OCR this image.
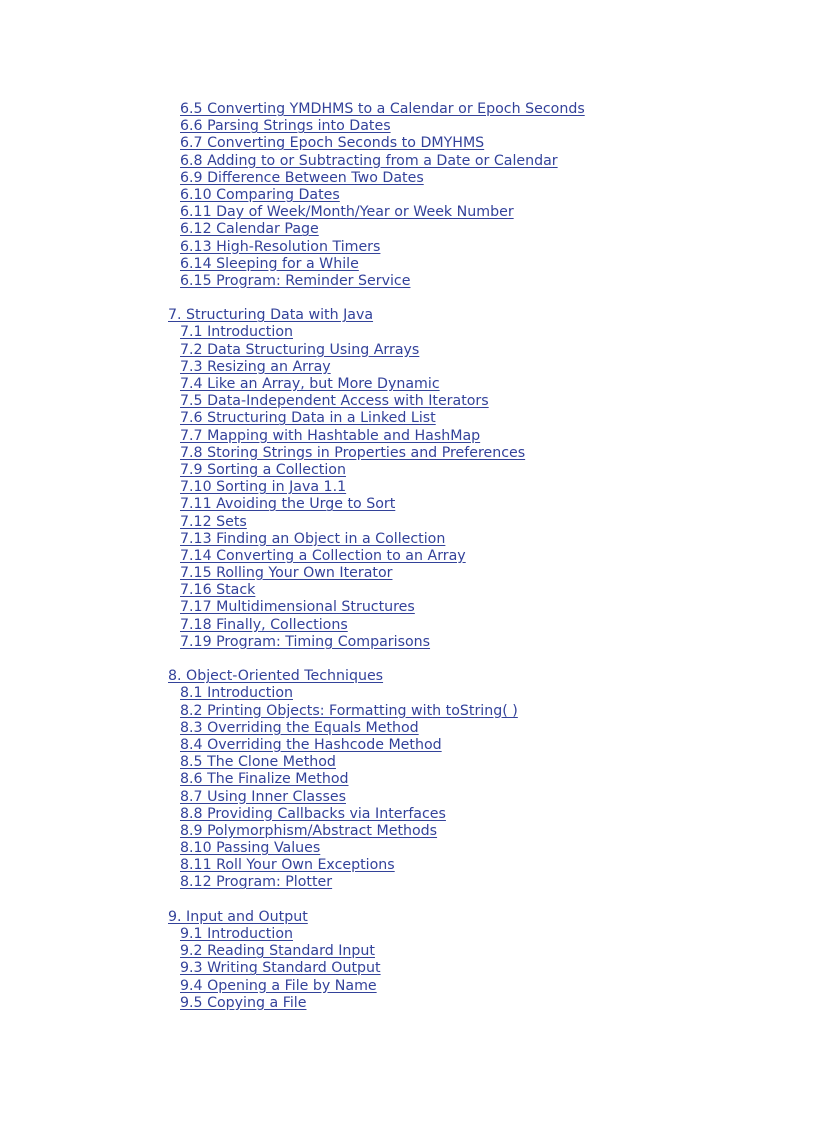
6.5 Converting YMDHMS to a Calendar or Epoch Seconds
6.6 Parsing Strings into Dates
6.7 Converting Epoch Seconds to DMYHMS
6.8 Adding to or Subtracting from a Date or Calendar
6.9 Difference Between Two Dates
6.10 Comparing Dates
6.11 Day of Week/Month/Year or Week Number
6.12 Calendar Page
6.13 High-Resolution Timers
6.14 Sleeping for a While
6.15 Program: Reminder Service
7. Structuring Data with Java
7.1 Introduction
7.2 Data Structuring Using Arrays
7.3 Resizing an Array
7.4 Like an Array, but More Dynamic
7.5 Data-Independent Access with Iterators
7.6 Structuring Data in a Linked List
7.7 Mapping with Hashtable and HashMap
7.8 Storing Strings in Properties and Preferences
7.9 Sorting a Collection
7.10 Sorting in Java 1.1
7.11 Avoiding the Urge to Sort
7.12 Sets
7.13 Finding an Object in a Collection
7.14 Converting a Collection to an Array
7.15 Rolling Your Own Iterator
7.16 Stack
7.17 Multidimensional Structures
7.18 Finally, Collections
7.19 Program: Timing Comparisons
8. Object-Oriented Techniques
8.1 Introduction
8.2 Printing Objects: Formatting with toString( )
8.3 Overriding the Equals Method
8.4 Overriding the Hashcode Method
8.5 The Clone Method
8.6 The Finalize Method
8.7 Using Inner Classes
8.8 Providing Callbacks via Interfaces
8.9 Polymorphism/Abstract Methods
8.10 Passing Values
8.11 Roll Your Own Exceptions
8.12 Program: Plotter
9. Input and Output
9.1 Introduction
9.2 Reading Standard Input
9.3 Writing Standard Output
9.4 Opening a File by Name
9.5 Copying a File
